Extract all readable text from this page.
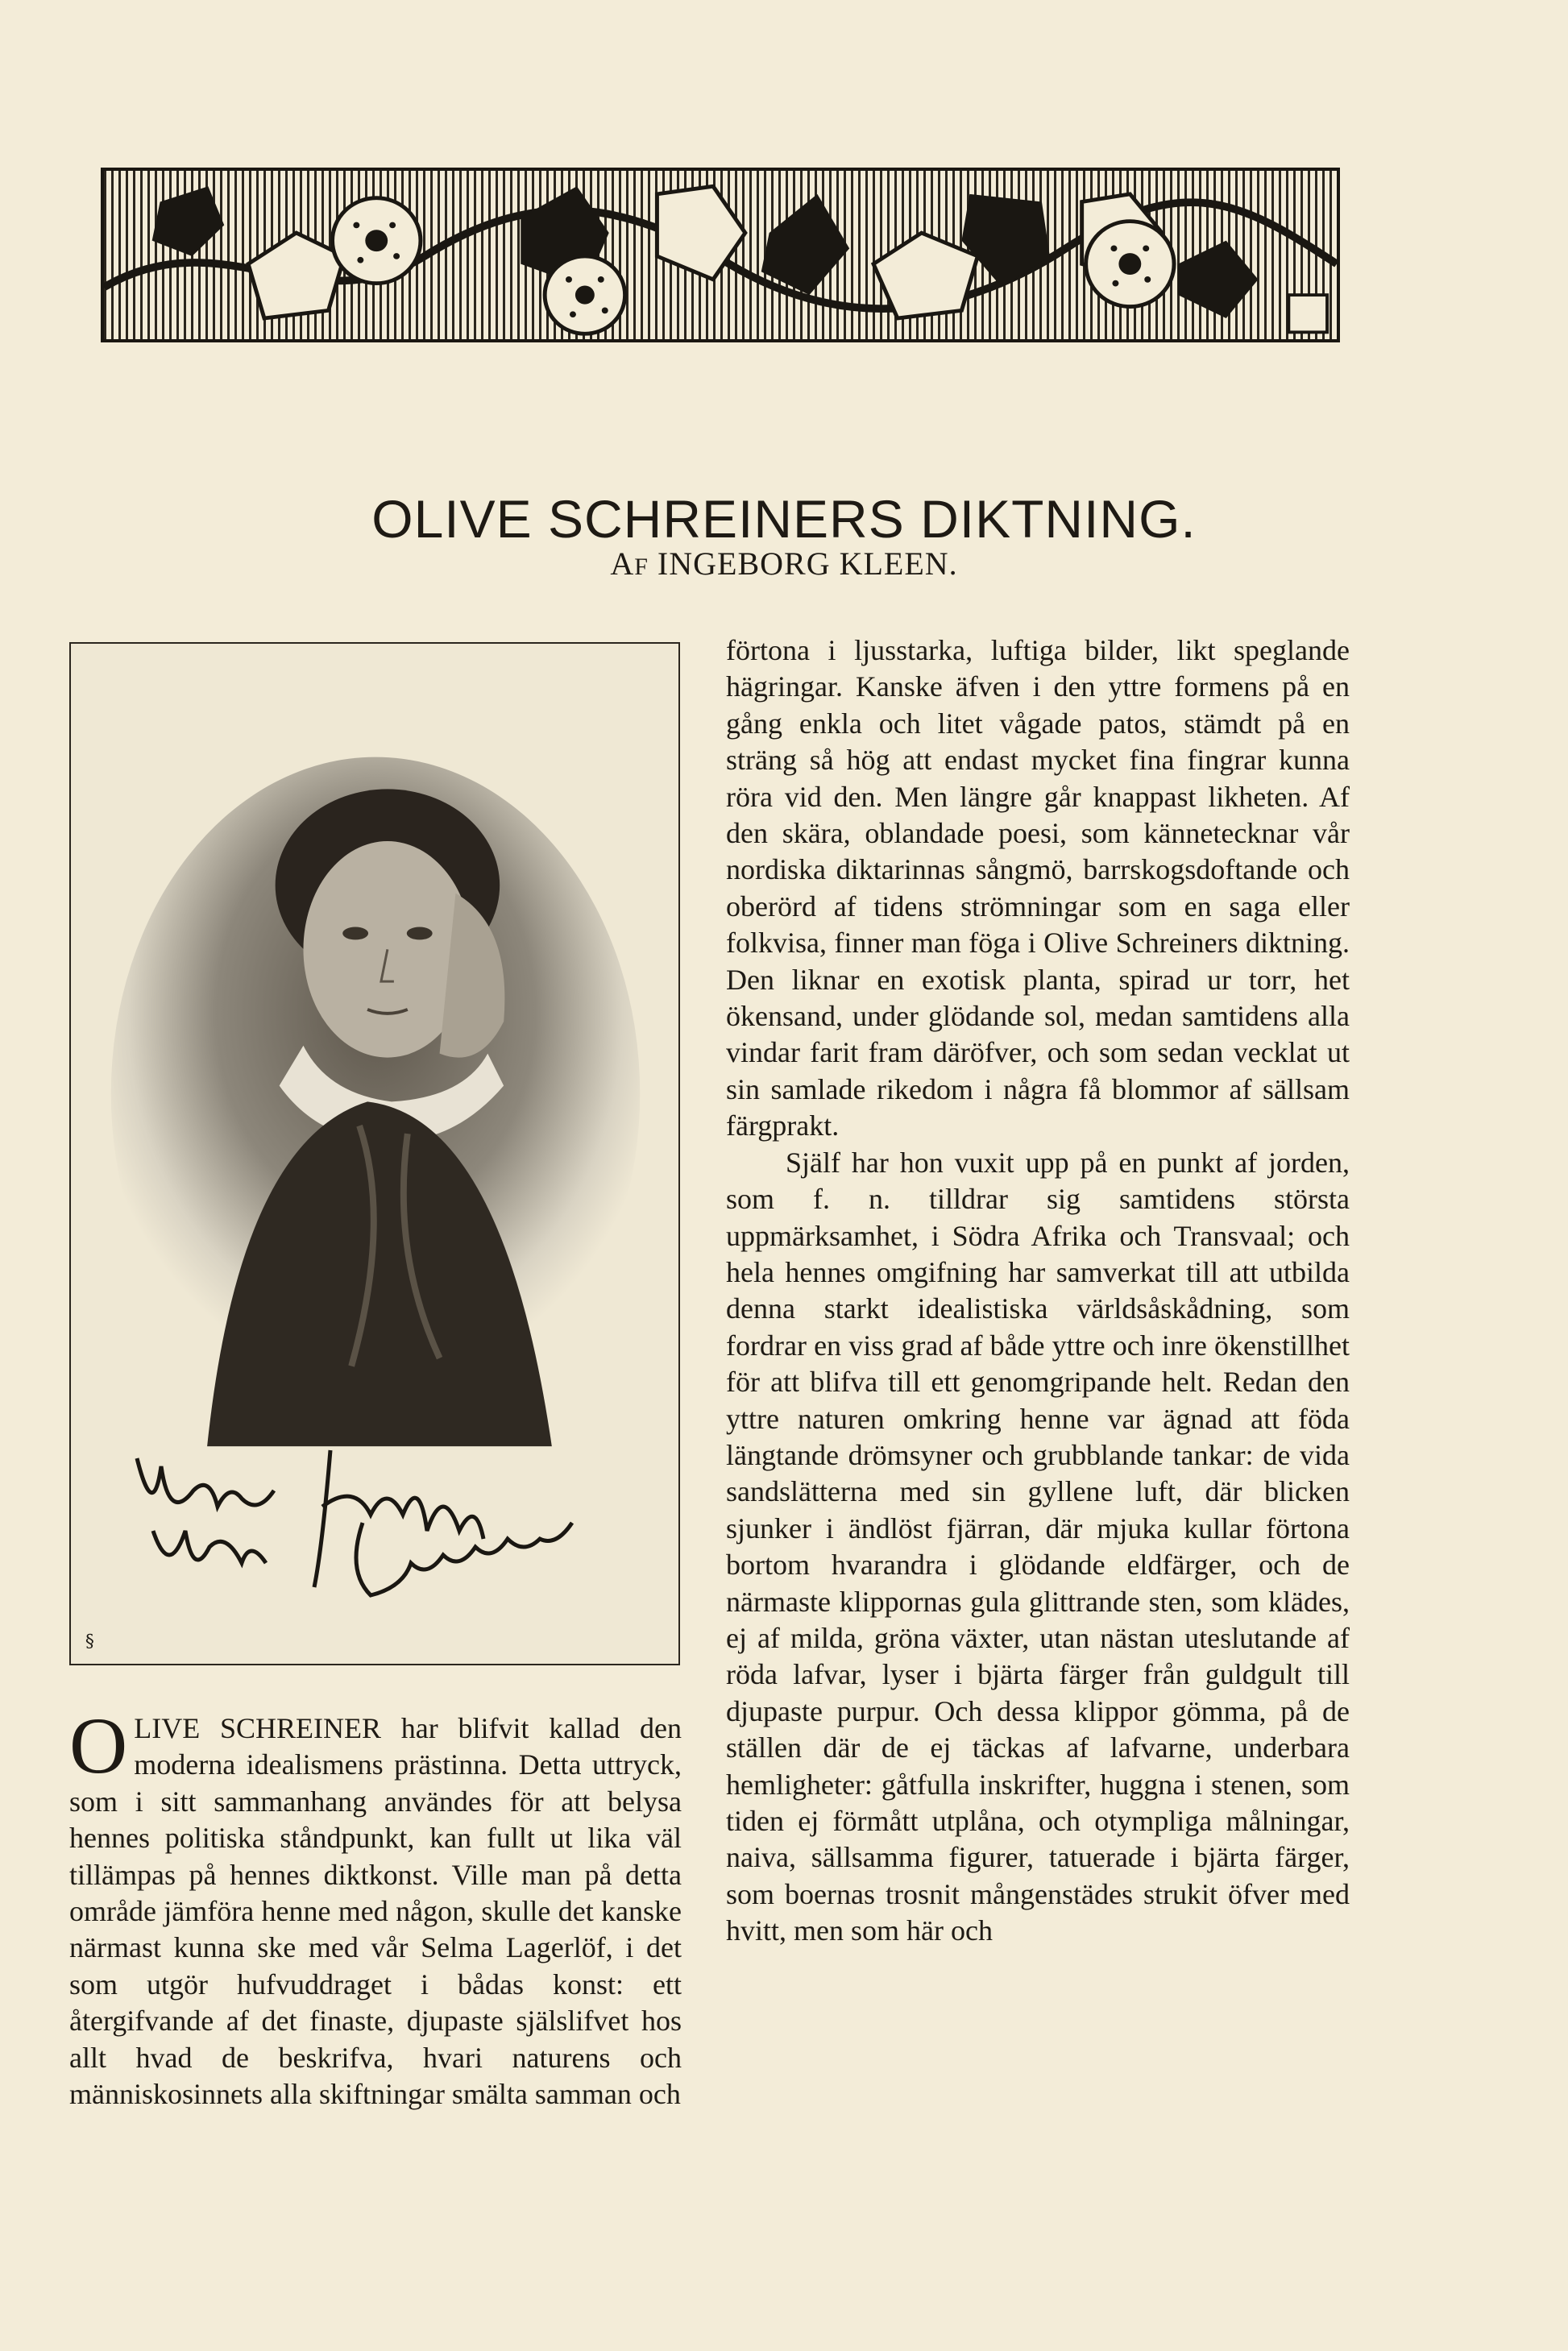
OLIVE SCHREINERS DIKTNING.
AF INGEBORG KLEEN.
§

OLIVE SCHREINER har blifvit kallad den moderna idealismens prästinna. Detta uttryck, som i sitt sammanhang användes för att belysa hennes politiska ståndpunkt, kan fullt ut lika väl tillämpas på hennes diktkonst. Ville man på detta område jämföra henne med någon, skulle det kanske närmast kunna ske med vår Selma Lagerlöf, i det som utgör hufvuddraget i bådas konst: ett återgifvande af det finaste, djupaste själslifvet hos allt hvad de beskrifva, hvari naturens och människosinnets alla skiftningar smälta samman och

förtona i ljusstarka, luftiga bilder, likt speglande hägringar. Kanske äfven i den yttre formens på en gång enkla och litet vågade patos, stämdt på en sträng så hög att endast mycket fina fingrar kunna röra vid den. Men längre går knappast likheten. Af den skära, oblandade poesi, som kännetecknar vår nordiska diktarinnas sångmö, barrskogsdoftande och oberörd af tidens strömningar som en saga eller folkvisa, finner man föga i Olive Schreiners diktning. Den liknar en exotisk planta, spirad ur torr, het ökensand, under glödande sol, medan samtidens alla vindar farit fram däröfver, och som sedan vecklat ut sin samlade rikedom i några få blommor af sällsam färgprakt.

Själf har hon vuxit upp på en punkt af jorden, som f. n. tilldrar sig samtidens största uppmärksamhet, i Södra Afrika och Transvaal; och hela hennes omgifning har samverkat till att utbilda denna starkt idealistiska världsåskådning, som fordrar en viss grad af både yttre och inre ökenstillhet för att blifva till ett genomgripande helt. Redan den yttre naturen omkring henne var ägnad att föda längtande drömsyner och grubblande tankar: de vida sandslätterna med sin gyllene luft, där blicken sjunker i ändlöst fjärran, där mjuka kullar förtona bortom hvarandra i glödande eldfärger, och de närmaste klippornas gula glittrande sten, som klädes, ej af milda, gröna växter, utan nästan uteslutande af röda lafvar, lyser i bjärta färger från guldgult till djupaste purpur. Och dessa klippor gömma, på de ställen där de ej täckas af lafvarne, underbara hemligheter: gåtfulla inskrifter, huggna i stenen, som tiden ej förmått utplåna, och otympliga målningar, naiva, sällsamma figurer, tatuerade i bjärta färger, som boernas trosnit mångenstädes strukit öfver med hvitt, men som här och
